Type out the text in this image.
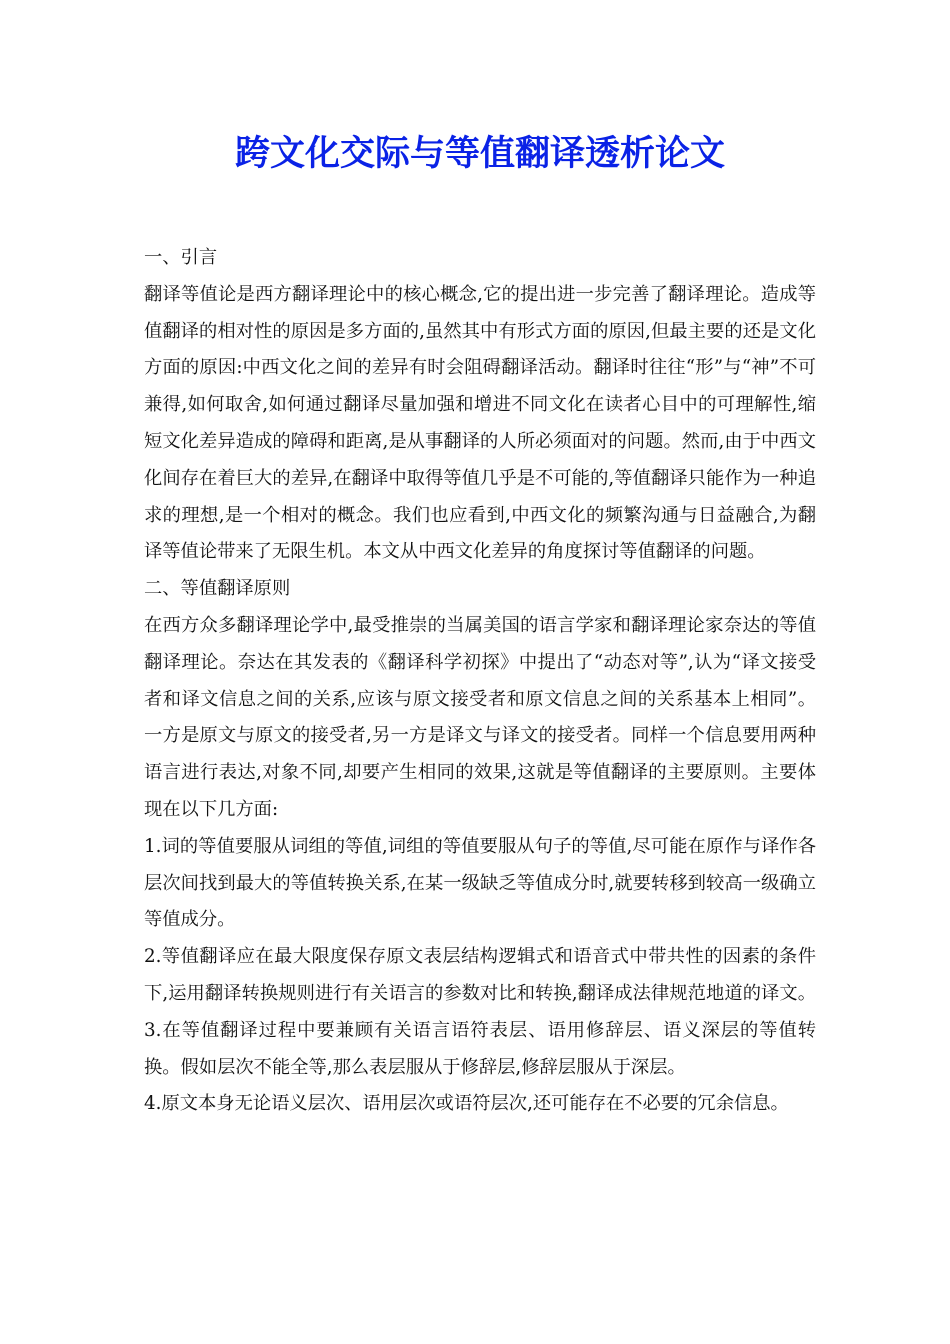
跨文化交际与等值翻译透析论文

一、引言

翻译等值论是西方翻译理论中的核心概念,它的提出进一步完善了翻译理论。造成等值翻译的相对性的原因是多方面的,虽然其中有形式方面的原因,但最主要的还是文化方面的原因:中西文化之间的差异有时会阻碍翻译活动。翻译时往往“形”与“神”不可兼得,如何取舍,如何通过翻译尽量加强和增进不同文化在读者心目中的可理解性,缩短文化差异造成的障碍和距离,是从事翻译的人所必须面对的问题。然而,由于中西文化间存在着巨大的差异,在翻译中取得等值几乎是不可能的,等值翻译只能作为一种追求的理想,是一个相对的概念。我们也应看到,中西文化的频繁沟通与日益融合,为翻译等值论带来了无限生机。本文从中西文化差异的角度探讨等值翻译的问题。

二、等值翻译原则

在西方众多翻译理论学中,最受推崇的当属美国的语言学家和翻译理论家奈达的等值翻译理论。奈达在其发表的《翻译科学初探》中提出了“动态对等”,认为“译文接受者和译文信息之间的关系,应该与原文接受者和原文信息之间的关系基本上相同”。一方是原文与原文的接受者,另一方是译文与译文的接受者。同样一个信息要用两种语言进行表达,对象不同,却要产生相同的效果,这就是等值翻译的主要原则。主要体现在以下几方面:

1.词的等值要服从词组的等值,词组的等值要服从句子的等值,尽可能在原作与译作各层次间找到最大的等值转换关系,在某一级缺乏等值成分时,就要转移到较高一级确立等值成分。

2.等值翻译应在最大限度保存原文表层结构逻辑式和语音式中带共性的因素的条件下,运用翻译转换规则进行有关语言的参数对比和转换,翻译成法律规范地道的译文。3.在等值翻译过程中要兼顾有关语言语符表层、语用修辞层、语义深层的等值转换。假如层次不能全等,那么表层服从于修辞层,修辞层服从于深层。

4.原文本身无论语义层次、语用层次或语符层次,还可能存在不必要的冗余信息。
